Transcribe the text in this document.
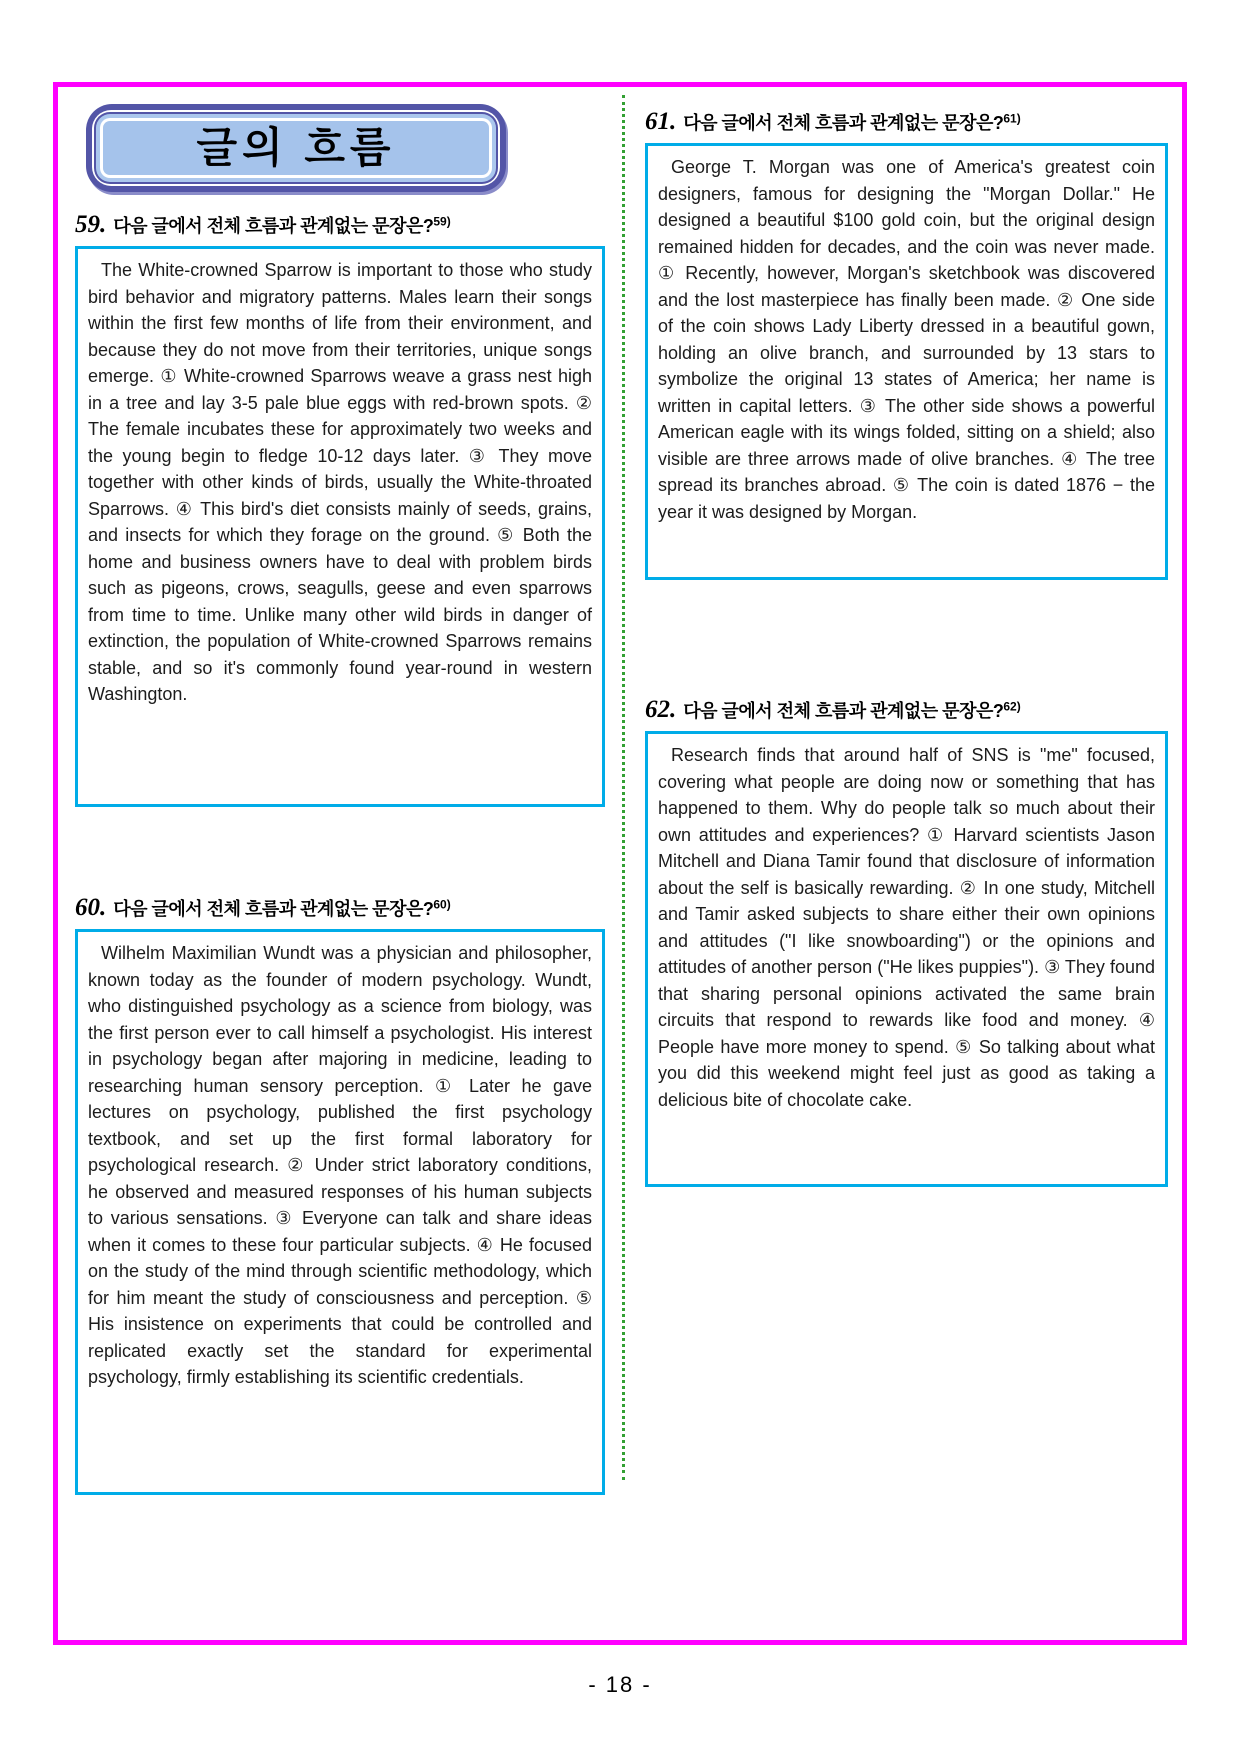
글의 흐름
59. 다음 글에서 전체 흐름과 관계없는 문장은?$^{59)}$

The White-crowned Sparrow is important to those who study bird behavior and migratory patterns. Males learn their songs within the first few months of life from their environment, and because they do not move from their territories, unique songs emerge. ① White-crowned Sparrows weave a grass nest high in a tree and lay 3-5 pale blue eggs with red-brown spots. ② The female incubates these for approximately two weeks and the young begin to fledge 10-12 days later. ③ They move together with other kinds of birds, usually the White-throated Sparrows. ④ This bird's diet consists mainly of seeds, grains, and insects for which they forage on the ground. ⑤ Both the home and business owners have to deal with problem birds such as pigeons, crows, seagulls, geese and even sparrows from time to time. Unlike many other wild birds in danger of extinction, the population of White-crowned Sparrows remains stable, and so it's commonly found year-round in western Washington.

60. 다음 글에서 전체 흐름과 관계없는 문장은?$^{60)}$

Wilhelm Maximilian Wundt was a physician and philosopher, known today as the founder of modern psychology. Wundt, who distinguished psychology as a science from biology, was the first person ever to call himself a psychologist. His interest in psychology began after majoring in medicine, leading to researching human sensory perception. ① Later he gave lectures on psychology, published the first psychology textbook, and set up the first formal laboratory for psychological research. ② Under strict laboratory conditions, he observed and measured responses of his human subjects to various sensations. ③ Everyone can talk and share ideas when it comes to these four particular subjects. ④ He focused on the study of the mind through scientific methodology, which for him meant the study of consciousness and perception. ⑤ His insistence on experiments that could be controlled and replicated exactly set the standard for experimental psychology, firmly establishing its scientific credentials.

61. 다음 글에서 전체 흐름과 관계없는 문장은?$^{61)}$

George T. Morgan was one of America's greatest coin designers, famous for designing the "Morgan Dollar." He designed a beautiful $100 gold coin, but the original design remained hidden for decades, and the coin was never made. ① Recently, however, Morgan's sketchbook was discovered and the lost masterpiece has finally been made. ② One side of the coin shows Lady Liberty dressed in a beautiful gown, holding an olive branch, and surrounded by 13 stars to symbolize the original 13 states of America; her name is written in capital letters. ③ The other side shows a powerful American eagle with its wings folded, sitting on a shield; also visible are three arrows made of olive branches. ④ The tree spread its branches abroad. ⑤ The coin is dated 1876 − the year it was designed by Morgan.

62. 다음 글에서 전체 흐름과 관계없는 문장은?$^{62)}$

Research finds that around half of SNS is "me" focused, covering what people are doing now or something that has happened to them. Why do people talk so much about their own attitudes and experiences? ① Harvard scientists Jason Mitchell and Diana Tamir found that disclosure of information about the self is basically rewarding. ② In one study, Mitchell and Tamir asked subjects to share either their own opinions and attitudes ("I like snowboarding") or the opinions and attitudes of another person ("He likes puppies"). ③ They found that sharing personal opinions activated the same brain circuits that respond to rewards like food and money. ④ People have more money to spend. ⑤ So talking about what you did this weekend might feel just as good as taking a delicious bite of chocolate cake.

- 18 -
